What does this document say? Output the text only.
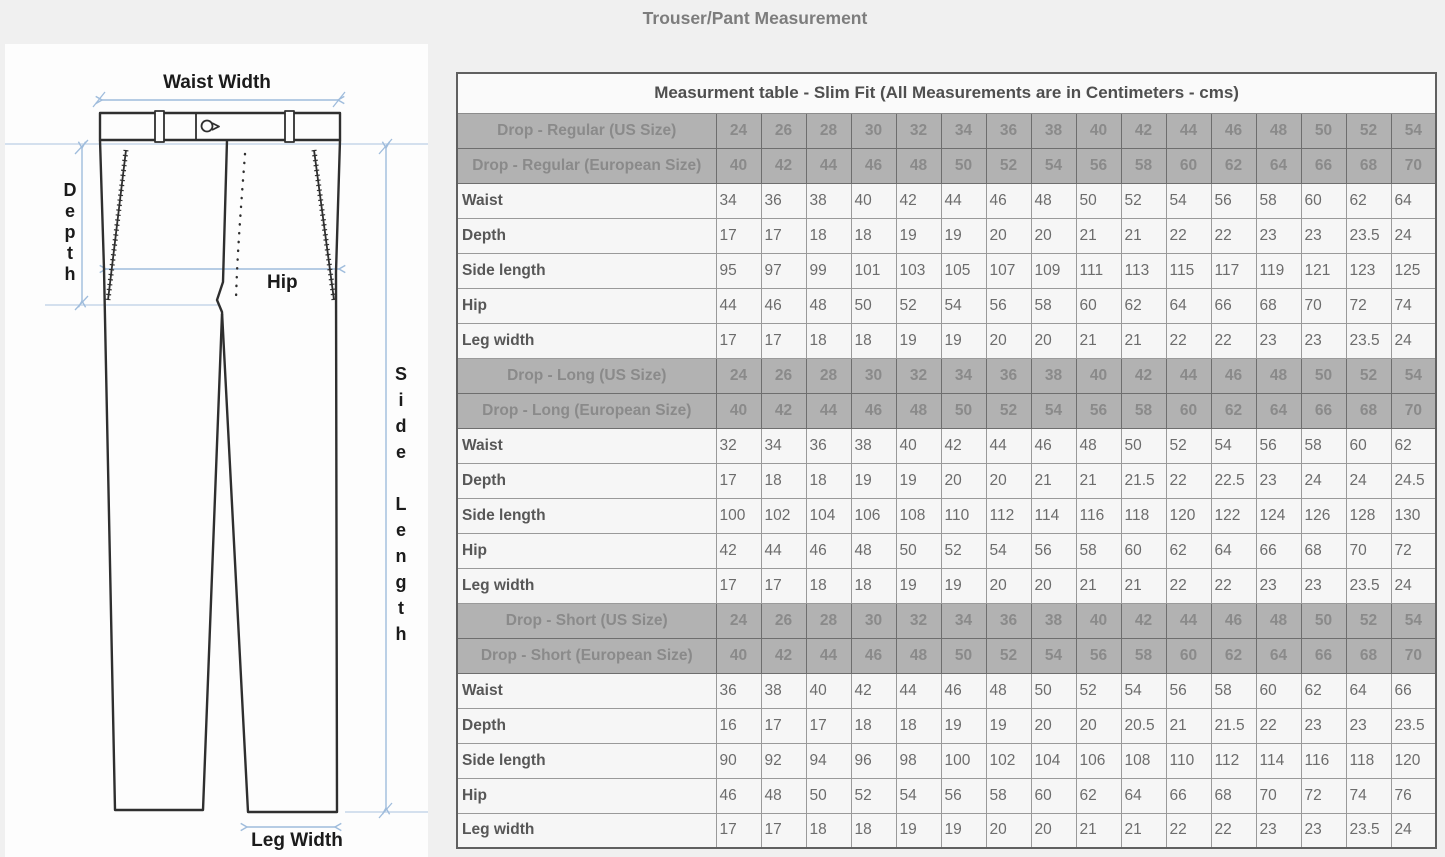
Trouser/Pant Measurement
Waist Width
Depth	Hip
Side Length
Leg Width
Measurment table - Slim Fit (All Measurements are in Centimeters - cms)																
Drop - Regular (US Size)	24	26	28	30	32	34	36	38	40	42	44	46	48	50	52	54
Drop - Regular (European Size)	40	42	44	46	48	50	52	54	56	58	60	62	64	66	68	70
Waist	34	36	38	40	42	44	46	48	50	52	54	56	58	60	62	64
Depth	17	17	18	18	19	19	20	20	21	21	22	22	23	23	23.5	24
Side length	95	97	99	101	103	105	107	109	111	113	115	117	119	121	123	125
Hip	44	46	48	50	52	54	56	58	60	62	64	66	68	70	72	74
Leg width	17	17	18	18	19	19	20	20	21	21	22	22	23	23	23.5	24
Drop - Long (US Size)	24	26	28	30	32	34	36	38	40	42	44	46	48	50	52	54
Drop - Long (European Size)	40	42	44	46	48	50	52	54	56	58	60	62	64	66	68	70
Waist	32	34	36	38	40	42	44	46	48	50	52	54	56	58	60	62
Depth	17	18	18	19	19	20	20	21	21	21.5	22	22.5	23	24	24	24.5
Side length	100	102	104	106	108	110	112	114	116	118	120	122	124	126	128	130
Hip	42	44	46	48	50	52	54	56	58	60	62	64	66	68	70	72
Leg width	17	17	18	18	19	19	20	20	21	21	22	22	23	23	23.5	24
Drop - Short (US Size)	24	26	28	30	32	34	36	38	40	42	44	46	48	50	52	54
Drop - Short (European Size)	40	42	44	46	48	50	52	54	56	58	60	62	64	66	68	70
Waist	36	38	40	42	44	46	48	50	52	54	56	58	60	62	64	66
Depth	16	17	17	18	18	19	19	20	20	20.5	21	21.5	22	23	23	23.5
Side length	90	92	94	96	98	100	102	104	106	108	110	112	114	116	118	120
Hip	46	48	50	52	54	56	58	60	62	64	66	68	70	72	74	76
Leg width	17	17	18	18	19	19	20	20	21	21	22	22	23	23	23.5	24
